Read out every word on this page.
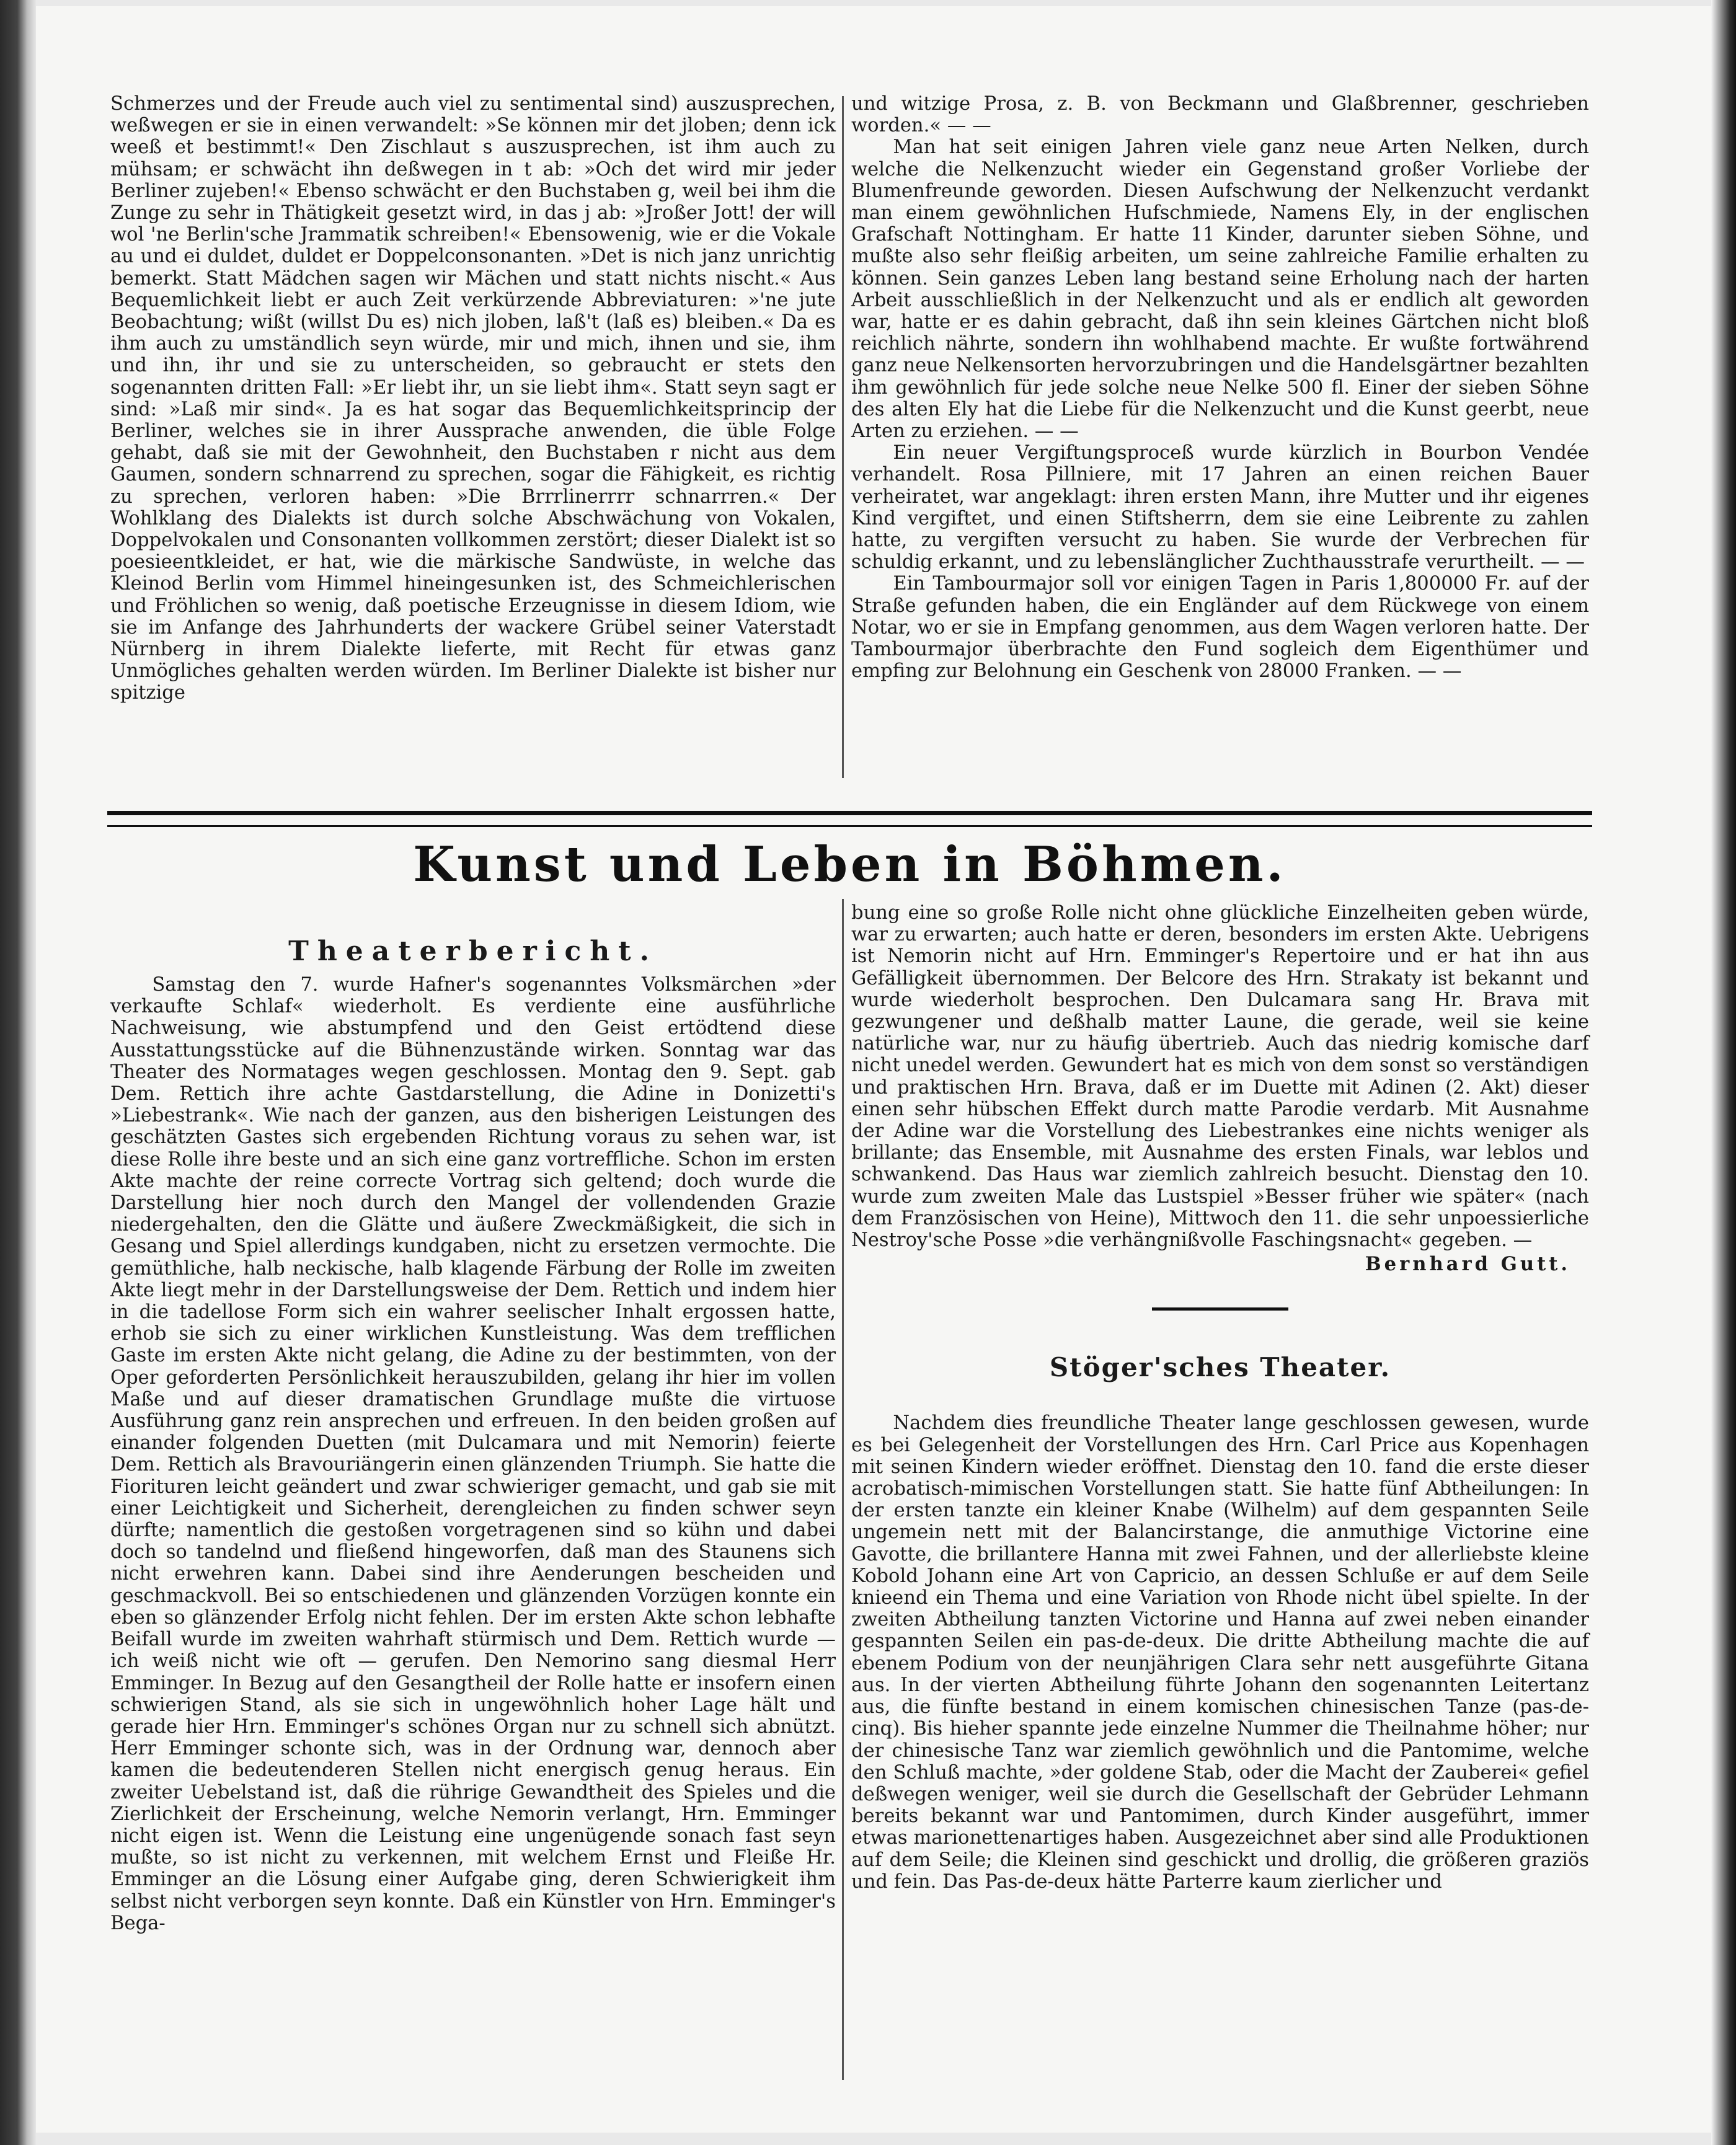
Schmerzes und der Freude auch viel zu sentimental sind) auszusprechen, weßwegen er sie in einen verwandelt: »Se können mir det jloben; denn ick weeß et bestimmt!« Den Zischlaut s auszusprechen, ist ihm auch zu mühsam; er schwächt ihn deßwegen in t ab: »Och det wird mir jeder Berliner zujeben!« Ebenso schwächt er den Buchstaben g, weil bei ihm die Zunge zu sehr in Thätigkeit gesetzt wird, in das j ab: »Jroßer Jott! der will wol 'ne Berlin'sche Jrammatik schreiben!« Ebensowenig, wie er die Vokale au und ei duldet, duldet er Doppelconsonanten. »Det is nich janz unrichtig bemerkt. Statt Mädchen sagen wir Mächen und statt nichts nischt.« Aus Bequemlichkeit liebt er auch Zeit verkürzende Abbreviaturen: »'ne jute Beobachtung; wißt (willst Du es) nich jloben, laß't (laß es) bleiben.« Da es ihm auch zu umständlich seyn würde, mir und mich, ihnen und sie, ihm und ihn, ihr und sie zu unterscheiden, so gebraucht er stets den sogenannten dritten Fall: »Er liebt ihr, un sie liebt ihm«. Statt seyn sagt er sind: »Laß mir sind«. Ja es hat sogar das Bequemlichkeitsprincip der Berliner, welches sie in ihrer Aussprache anwenden, die üble Folge gehabt, daß sie mit der Gewohnheit, den Buchstaben r nicht aus dem Gaumen, sondern schnarrend zu sprechen, sogar die Fähigkeit, es richtig zu sprechen, verloren haben: »Die Brrrlinerrrr schnarrren.« Der Wohlklang des Dialekts ist durch solche Abschwächung von Vokalen, Doppelvokalen und Consonanten vollkommen zerstört; dieser Dialekt ist so poesieentkleidet, er hat, wie die märkische Sandwüste, in welche das Kleinod Berlin vom Himmel hineingesunken ist, des Schmeichlerischen und Fröhlichen so wenig, daß poetische Erzeugnisse in diesem Idiom, wie sie im Anfange des Jahrhunderts der wackere Grübel seiner Vaterstadt Nürnberg in ihrem Dialekte lieferte, mit Recht für etwas ganz Unmögliches gehalten werden würden. Im Berliner Dialekte ist bisher nur spitzige

und witzige Prosa, z. B. von Beckmann und Glaßbrenner, geschrieben worden.« — —

Man hat seit einigen Jahren viele ganz neue Arten Nelken, durch welche die Nelkenzucht wieder ein Gegenstand großer Vorliebe der Blumenfreunde geworden. Diesen Aufschwung der Nelkenzucht verdankt man einem gewöhnlichen Hufschmiede, Namens Ely, in der englischen Grafschaft Nottingham. Er hatte 11 Kinder, darunter sieben Söhne, und mußte also sehr fleißig arbeiten, um seine zahlreiche Familie erhalten zu können. Sein ganzes Leben lang bestand seine Erholung nach der harten Arbeit ausschließlich in der Nelkenzucht und als er endlich alt geworden war, hatte er es dahin gebracht, daß ihn sein kleines Gärtchen nicht bloß reichlich nährte, sondern ihn wohlhabend machte. Er wußte fortwährend ganz neue Nelkensorten hervorzubringen und die Handelsgärtner bezahlten ihm gewöhnlich für jede solche neue Nelke 500 fl. Einer der sieben Söhne des alten Ely hat die Liebe für die Nelkenzucht und die Kunst geerbt, neue Arten zu erziehen. — —

Ein neuer Vergiftungsproceß wurde kürzlich in Bourbon Vendée verhandelt. Rosa Pillniere, mit 17 Jahren an einen reichen Bauer verheiratet, war angeklagt: ihren ersten Mann, ihre Mutter und ihr eigenes Kind vergiftet, und einen Stiftsherrn, dem sie eine Leibrente zu zahlen hatte, zu vergiften versucht zu haben. Sie wurde der Verbrechen für schuldig erkannt, und zu lebenslänglicher Zuchthausstrafe verurtheilt. — —

Ein Tambourmajor soll vor einigen Tagen in Paris 1,800000 Fr. auf der Straße gefunden haben, die ein Engländer auf dem Rückwege von einem Notar, wo er sie in Empfang genommen, aus dem Wagen verloren hatte. Der Tambourmajor überbrachte den Fund sogleich dem Eigenthümer und empfing zur Belohnung ein Geschenk von 28000 Franken. — —

Kunst und Leben in Böhmen.
Theaterbericht.

Samstag den 7. wurde Hafner's sogenanntes Volksmärchen »der verkaufte Schlaf« wiederholt. Es verdiente eine ausführliche Nachweisung, wie abstumpfend und den Geist ertödtend diese Ausstattungsstücke auf die Bühnenzustände wirken. Sonntag war das Theater des Normatages wegen geschlossen. Montag den 9. Sept. gab Dem. Rettich ihre achte Gastdarstellung, die Adine in Donizetti's »Liebestrank«. Wie nach der ganzen, aus den bisherigen Leistungen des geschätzten Gastes sich ergebenden Richtung voraus zu sehen war, ist diese Rolle ihre beste und an sich eine ganz vortreffliche. Schon im ersten Akte machte der reine correcte Vortrag sich geltend; doch wurde die Darstellung hier noch durch den Mangel der vollendenden Grazie niedergehalten, den die Glätte und äußere Zweckmäßigkeit, die sich in Gesang und Spiel allerdings kundgaben, nicht zu ersetzen vermochte. Die gemüthliche, halb neckische, halb klagende Färbung der Rolle im zweiten Akte liegt mehr in der Darstellungsweise der Dem. Rettich und indem hier in die tadellose Form sich ein wahrer seelischer Inhalt ergossen hatte, erhob sie sich zu einer wirklichen Kunstleistung. Was dem trefflichen Gaste im ersten Akte nicht gelang, die Adine zu der bestimmten, von der Oper geforderten Persönlichkeit herauszubilden, gelang ihr hier im vollen Maße und auf dieser dramatischen Grundlage mußte die virtuose Ausführung ganz rein ansprechen und erfreuen. In den beiden großen auf einander folgenden Duetten (mit Dulcamara und mit Nemorin) feierte Dem. Rettich als Bravouriängerin einen glänzenden Triumph. Sie hatte die Fiorituren leicht geändert und zwar schwieriger gemacht, und gab sie mit einer Leichtigkeit und Sicherheit, derengleichen zu finden schwer seyn dürfte; namentlich die gestoßen vorgetragenen sind so kühn und dabei doch so tandelnd und fließend hingeworfen, daß man des Staunens sich nicht erwehren kann. Dabei sind ihre Aenderungen bescheiden und geschmackvoll. Bei so entschiedenen und glänzenden Vorzügen konnte ein eben so glänzender Erfolg nicht fehlen. Der im ersten Akte schon lebhafte Beifall wurde im zweiten wahrhaft stürmisch und Dem. Rettich wurde — ich weiß nicht wie oft — gerufen. Den Nemorino sang diesmal Herr Emminger. In Bezug auf den Gesangtheil der Rolle hatte er insofern einen schwierigen Stand, als sie sich in ungewöhnlich hoher Lage hält und gerade hier Hrn. Emminger's schönes Organ nur zu schnell sich abnützt. Herr Emminger schonte sich, was in der Ordnung war, dennoch aber kamen die bedeutenderen Stellen nicht energisch genug heraus. Ein zweiter Uebelstand ist, daß die rührige Gewandtheit des Spieles und die Zierlichkeit der Erscheinung, welche Nemorin verlangt, Hrn. Emminger nicht eigen ist. Wenn die Leistung eine ungenügende sonach fast seyn mußte, so ist nicht zu verkennen, mit welchem Ernst und Fleiße Hr. Emminger an die Lösung einer Aufgabe ging, deren Schwierigkeit ihm selbst nicht verborgen seyn konnte. Daß ein Künstler von Hrn. Emminger's Bega-

bung eine so große Rolle nicht ohne glückliche Einzelheiten geben würde, war zu erwarten; auch hatte er deren, besonders im ersten Akte. Uebrigens ist Nemorin nicht auf Hrn. Emminger's Repertoire und er hat ihn aus Gefälligkeit übernommen. Der Belcore des Hrn. Strakaty ist bekannt und wurde wiederholt besprochen. Den Dulcamara sang Hr. Brava mit gezwungener und deßhalb matter Laune, die gerade, weil sie keine natürliche war, nur zu häufig übertrieb. Auch das niedrig komische darf nicht unedel werden. Gewundert hat es mich von dem sonst so verständigen und praktischen Hrn. Brava, daß er im Duette mit Adinen (2. Akt) dieser einen sehr hübschen Effekt durch matte Parodie verdarb. Mit Ausnahme der Adine war die Vorstellung des Liebestrankes eine nichts weniger als brillante; das Ensemble, mit Ausnahme des ersten Finals, war leblos und schwankend. Das Haus war ziemlich zahlreich besucht. Dienstag den 10. wurde zum zweiten Male das Lustspiel »Besser früher wie später« (nach dem Französischen von Heine), Mittwoch den 11. die sehr unpoessierliche Nestroy'sche Posse »die verhängnißvolle Faschingsnacht« gegeben. —

Bernhard Gutt.
Stöger'sches Theater.

Nachdem dies freundliche Theater lange geschlossen gewesen, wurde es bei Gelegenheit der Vorstellungen des Hrn. Carl Price aus Kopenhagen mit seinen Kindern wieder eröffnet. Dienstag den 10. fand die erste dieser acrobatisch-mimischen Vorstellungen statt. Sie hatte fünf Abtheilungen: In der ersten tanzte ein kleiner Knabe (Wilhelm) auf dem gespannten Seile ungemein nett mit der Balancirstange, die anmuthige Victorine eine Gavotte, die brillantere Hanna mit zwei Fahnen, und der allerliebste kleine Kobold Johann eine Art von Capricio, an dessen Schluße er auf dem Seile knieend ein Thema und eine Variation von Rhode nicht übel spielte. In der zweiten Abtheilung tanzten Victorine und Hanna auf zwei neben einander gespannten Seilen ein pas-de-deux. Die dritte Abtheilung machte die auf ebenem Podium von der neunjährigen Clara sehr nett ausgeführte Gitana aus. In der vierten Abtheilung führte Johann den sogenannten Leitertanz aus, die fünfte bestand in einem komischen chinesischen Tanze (pas-de-cinq). Bis hieher spannte jede einzelne Nummer die Theilnahme höher; nur der chinesische Tanz war ziemlich gewöhnlich und die Pantomime, welche den Schluß machte, »der goldene Stab, oder die Macht der Zauberei« gefiel deßwegen weniger, weil sie durch die Gesellschaft der Gebrüder Lehmann bereits bekannt war und Pantomimen, durch Kinder ausgeführt, immer etwas marionettenartiges haben. Ausgezeichnet aber sind alle Produktionen auf dem Seile; die Kleinen sind geschickt und drollig, die größeren graziös und fein. Das Pas-de-deux hätte Parterre kaum zierlicher und
